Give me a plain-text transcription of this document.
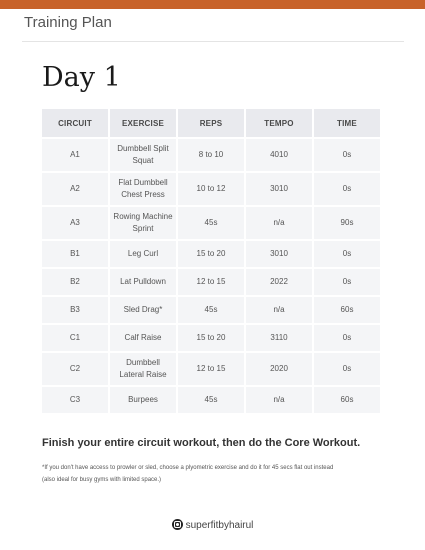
Training Plan
Day 1
CIRCUIT	EXERCISE	REPS	TEMPO	TIME
A1	Dumbbell Split Squat	8 to 10	4010	0s
A2	Flat Dumbbell Chest Press	10 to 12	3010	0s
A3	Rowing Machine Sprint	45s	n/a	90s
B1	Leg Curl	15 to 20	3010	0s
B2	Lat Pulldown	12 to 15	2022	0s
B3	Sled Drag*	45s	n/a	60s
C1	Calf Raise	15 to 20	3110	0s
C2	Dumbbell Lateral Raise	12 to 15	2020	0s
C3	Burpees	45s	n/a	60s
Finish your entire circuit workout, then do the Core Workout.
*If you don't have access to prowler or sled, choose a plyometric exercise and do it for 45 secs flat out instead
(also ideal for busy gyms with limited space.)
superfitbyhairul
